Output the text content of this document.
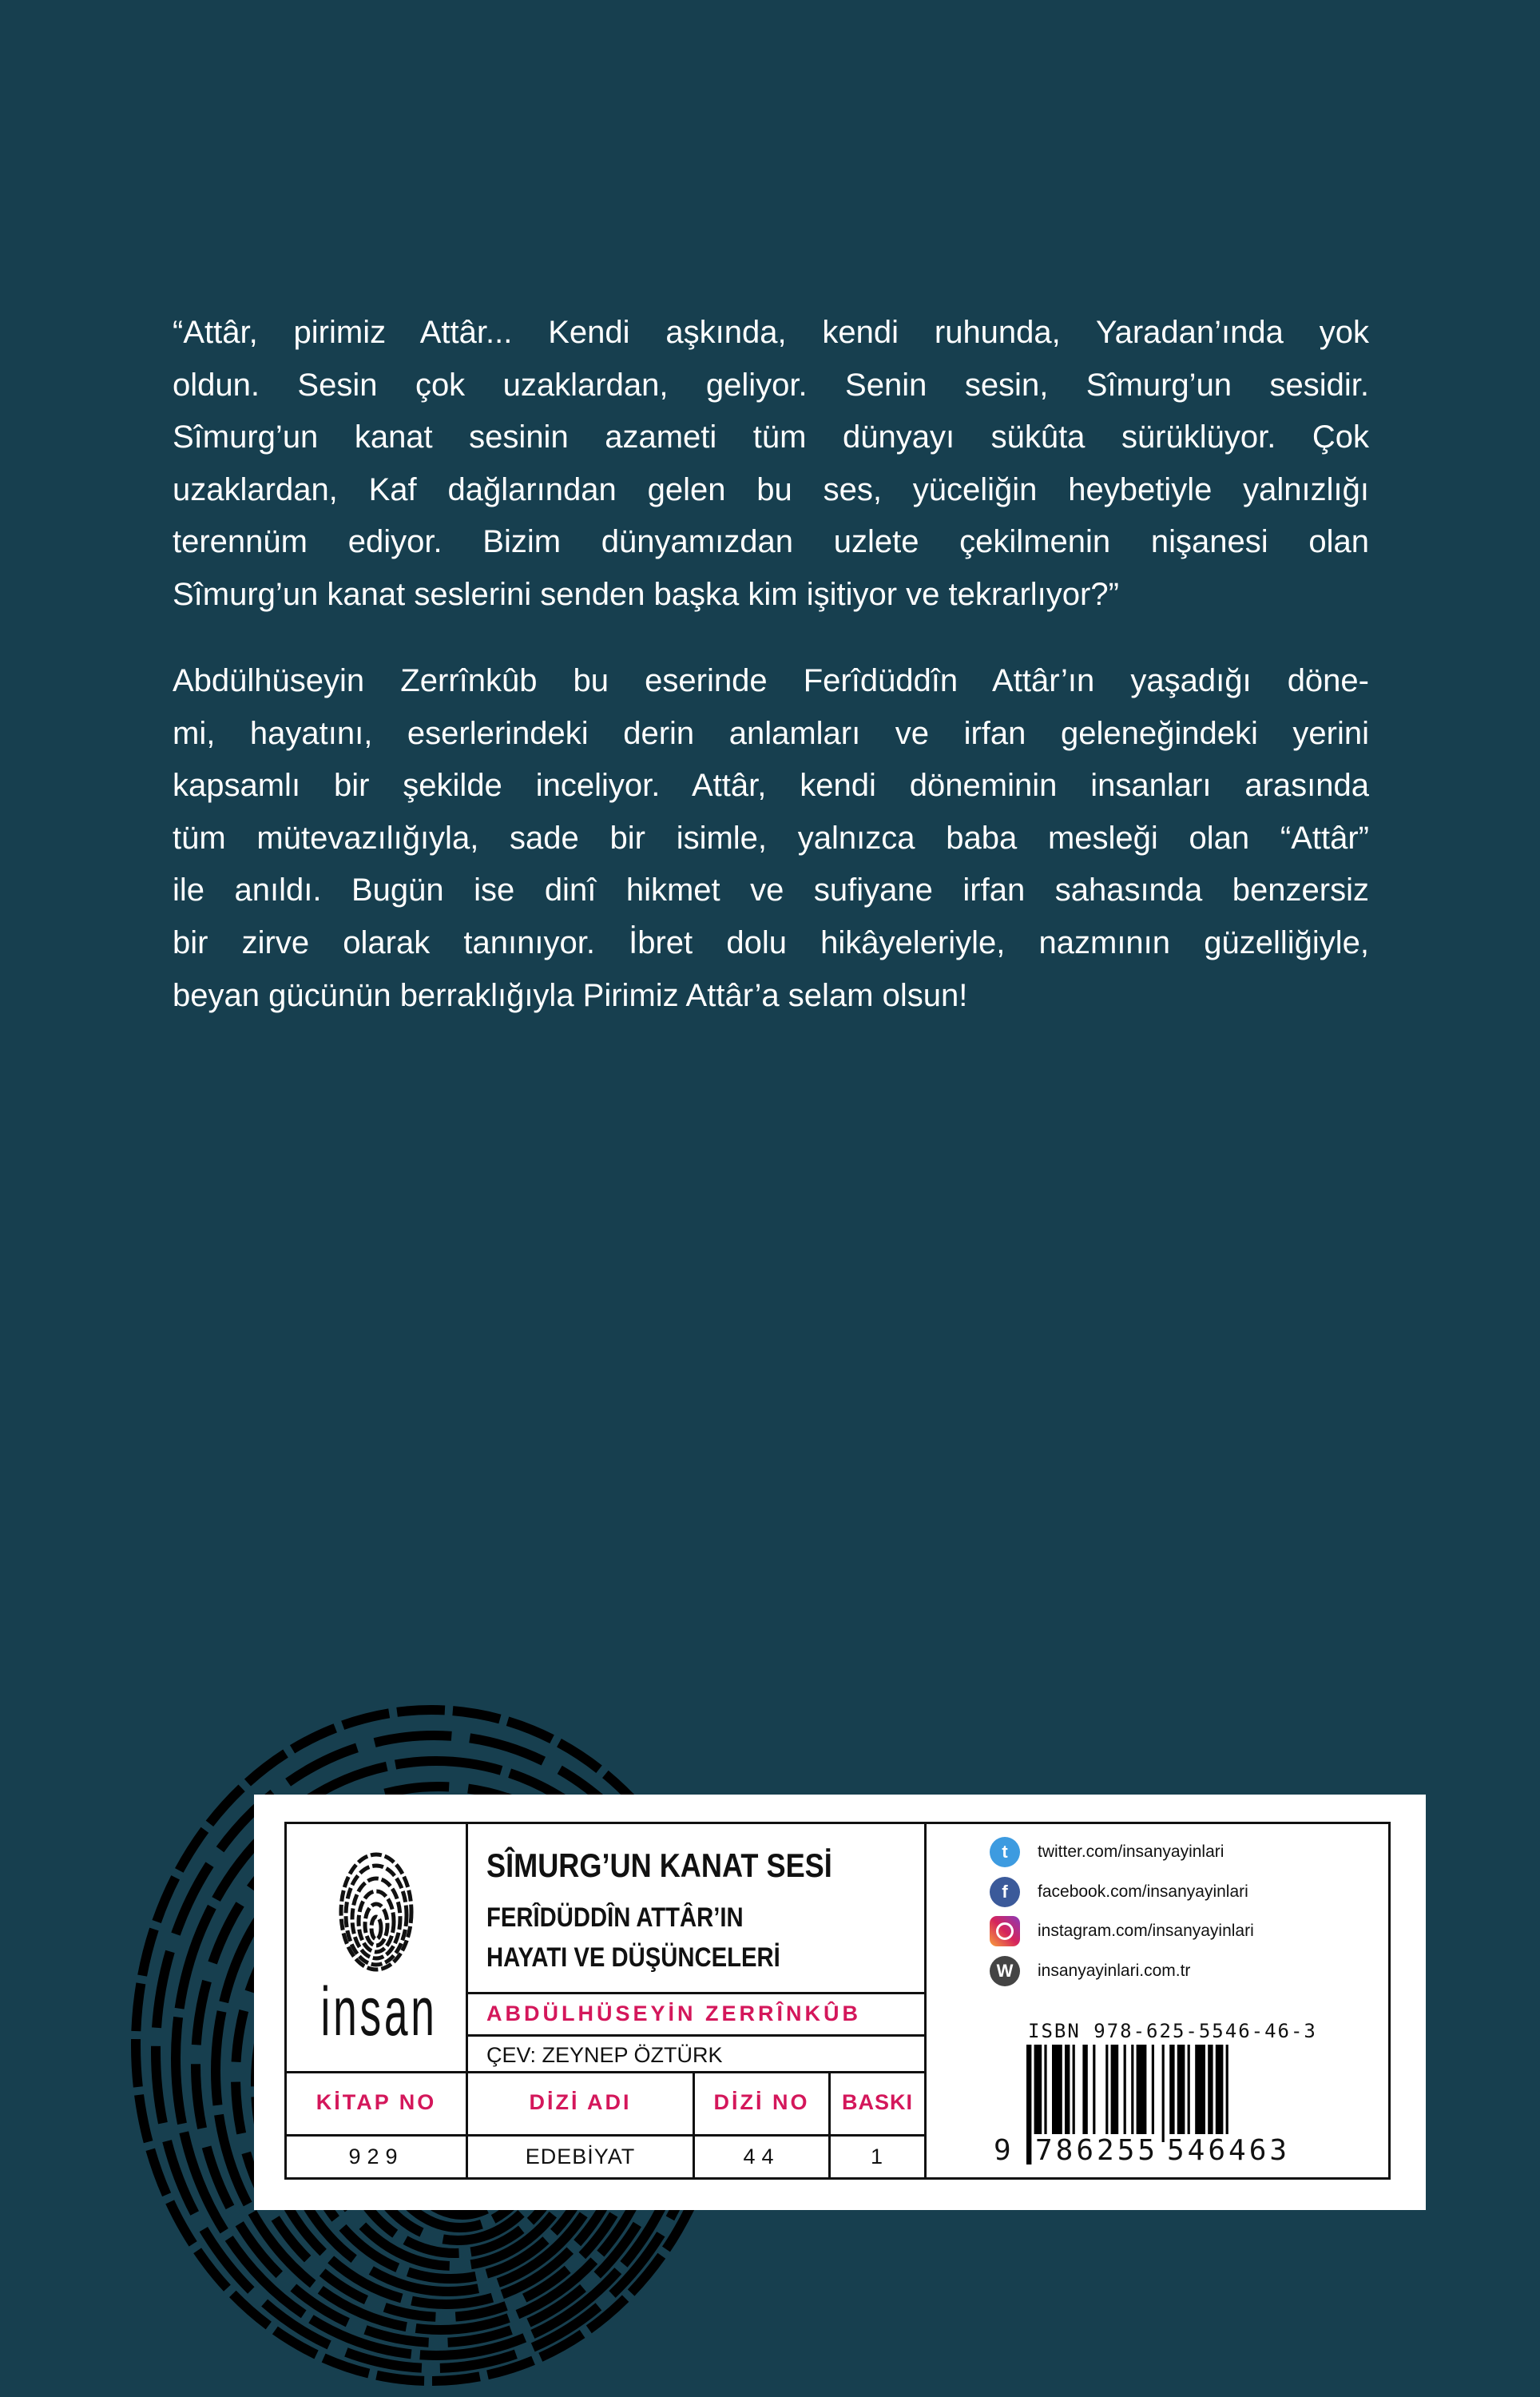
“Attâr, pirimiz Attâr... Kendi aşkında, kendi ruhunda, Yaradan’ında yok
oldun. Sesin çok uzaklardan, geliyor. Senin sesin, Sîmurg’un sesidir.
Sîmurg’un kanat sesinin azameti tüm dünyayı sükûta sürüklüyor. Çok
uzaklardan, Kaf dağlarından gelen bu ses, yüceliğin heybetiyle yalnızlığı
terennüm ediyor. Bizim dünyamızdan uzlete çekilmenin nişanesi olan
Sîmurg’un kanat seslerini senden başka kim işitiyor ve tekrarlıyor?”
Abdülhüseyin Zerrînkûb bu eserinde Ferîdüddîn Attâr’ın yaşadığı döne-
mi, hayatını, eserlerindeki derin anlamları ve irfan geleneğindeki yerini
kapsamlı bir şekilde inceliyor. Attâr, kendi döneminin insanları arasında
tüm mütevazılığıyla, sade bir isimle, yalnızca baba mesleği olan “Attâr”
ile anıldı. Bugün ise dinî hikmet ve sufiyane irfan sahasında benzersiz
bir zirve olarak tanınıyor. İbret dolu hikâyeleriyle, nazmının güzelliğiyle,
beyan gücünün berraklığıyla Pirimiz Attâr’a selam olsun!
insan
SÎMURG’UN KANAT SESİ
FERÎDÜDDÎN ATTÂR’IN
HAYATI VE DÜŞÜNCELERİ
ABDÜLHÜSEYİN ZERRÎNKÛB
ÇEV: ZEYNEP ÖZTÜRK
KİTAP NO	DİZİ ADI	DİZİ NO	BASKI
929	EDEBİYAT	44	1
t	twitter.com/insanyayinlari
f	facebook.com/insanyayinlari
instagram.com/insanyayinlari
W	insanyayinlari.com.tr
ISBN 978-625-5546-46-3
9 786255 546463
